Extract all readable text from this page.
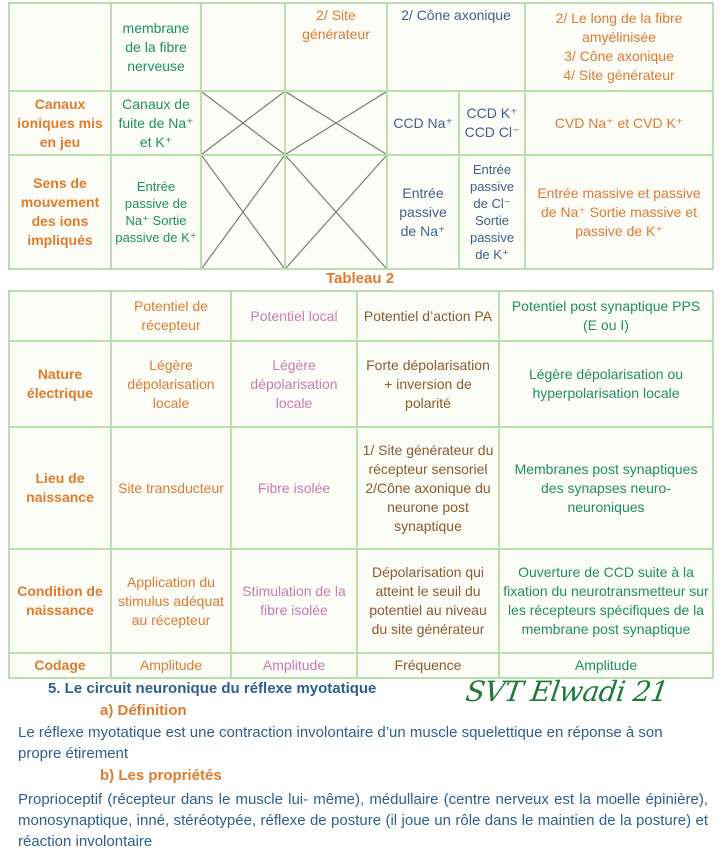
	membrane de la fibre nerveuse		2/ Site générateur	2/ Cône axonique		2/ Le long de la fibre amyélinisée
3/ Cône axonique
4/ Site générateur

Canaux ioniques mis en jeu	Canaux de fuite de Na⁺ et K⁺			CCD Na⁺	CCD K⁺ CCD Cl⁻	CVD Na⁺ et CVD K⁺
Sens de mouvement des ions impliqués	Entrée passive de Na⁺ Sortie passive de K⁺			Entrée passive de Na⁺	Entrée passive de Cl⁻ Sortie passive de K⁺	Entrée massive et passive de Na⁺ Sortie massive et passive de K⁺
Tableau 2
	Potentiel de récepteur	Potentiel local	Potentiel d’action PA	Potentiel post synaptique PPS (E ou I)
Nature électrique	Légère dépolarisation locale	Légère dépolarisation locale	Forte dépolarisation + inversion de polarité	Légère dépolarisation ou hyperpolarisation locale
Lieu de naissance	Site transducteur	Fibre isolée	1/ Site générateur du récepteur sensoriel 2/Cône axonique du neurone post synaptique	Membranes post synaptiques des synapses neuro-neuroniques
Condition de naissance	Application du stimulus adéquat au récepteur	Stimulation de la fibre isolée	Dépolarisation qui atteint le seuil du potentiel au niveau du site générateur	Ouverture de CCD suite à la fixation du neurotransmetteur sur les récepteurs spécifiques de la membrane post synaptique
Codage	Amplitude	Amplitude	Fréquence	Amplitude
5. Le circuit neuronique du réflexe myotatique	SVT Elwadi 21
a) Définition
Le réflexe myotatique est une contraction involontaire d’un muscle squelettique en réponse à son propre étirement
b) Les propriétés
Proprioceptif (récepteur dans le muscle lui- même), médullaire (centre nerveux est la moelle épinière), monosynaptique, inné, stéréotypée, réflexe de posture (il joue un rôle dans le maintien de la posture) et réaction involontaire
